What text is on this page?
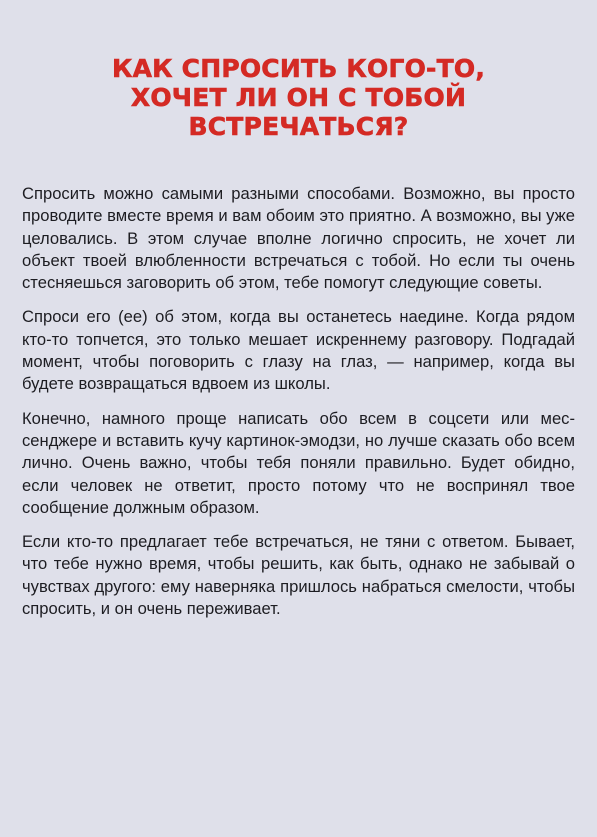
КАК СПРОСИТЬ КОГО-ТО,
ХОЧЕТ ЛИ ОН С ТОБОЙ
ВСТРЕЧАТЬСЯ?

Спросить можно самыми разными способами. Возможно, вы просто проводите вместе время и вам обоим это приятно. А возможно, вы уже целовались. В этом случае вполне логично спросить, не хочет ли объект твоей влюбленности встречаться с тобой. Но если ты очень стесняешься заговорить об этом, тебе помогут следующие советы.

Спроси его (ее) об этом, когда вы останетесь наедине. Когда рядом кто-то топчется, это только мешает искреннему разговору. Подгадай момент, чтобы поговорить с глазу на глаз, — например, когда вы будете возвращаться вдвоем из школы.

Конечно, намного проще написать обо всем в соцсети или мессенджере и вставить кучу картинок-эмодзи, но лучше сказать обо всем лично. Очень важно, чтобы тебя поняли правильно. Будет обидно, если человек не ответит, просто потому что не воспринял твое сообщение должным образом.

Если кто-то предлагает тебе встречаться, не тяни с ответом. Бывает, что тебе нужно время, чтобы решить, как быть, однако не забывай о чувствах другого: ему наверняка пришлось набраться смелости, чтобы спросить, и он очень переживает.
